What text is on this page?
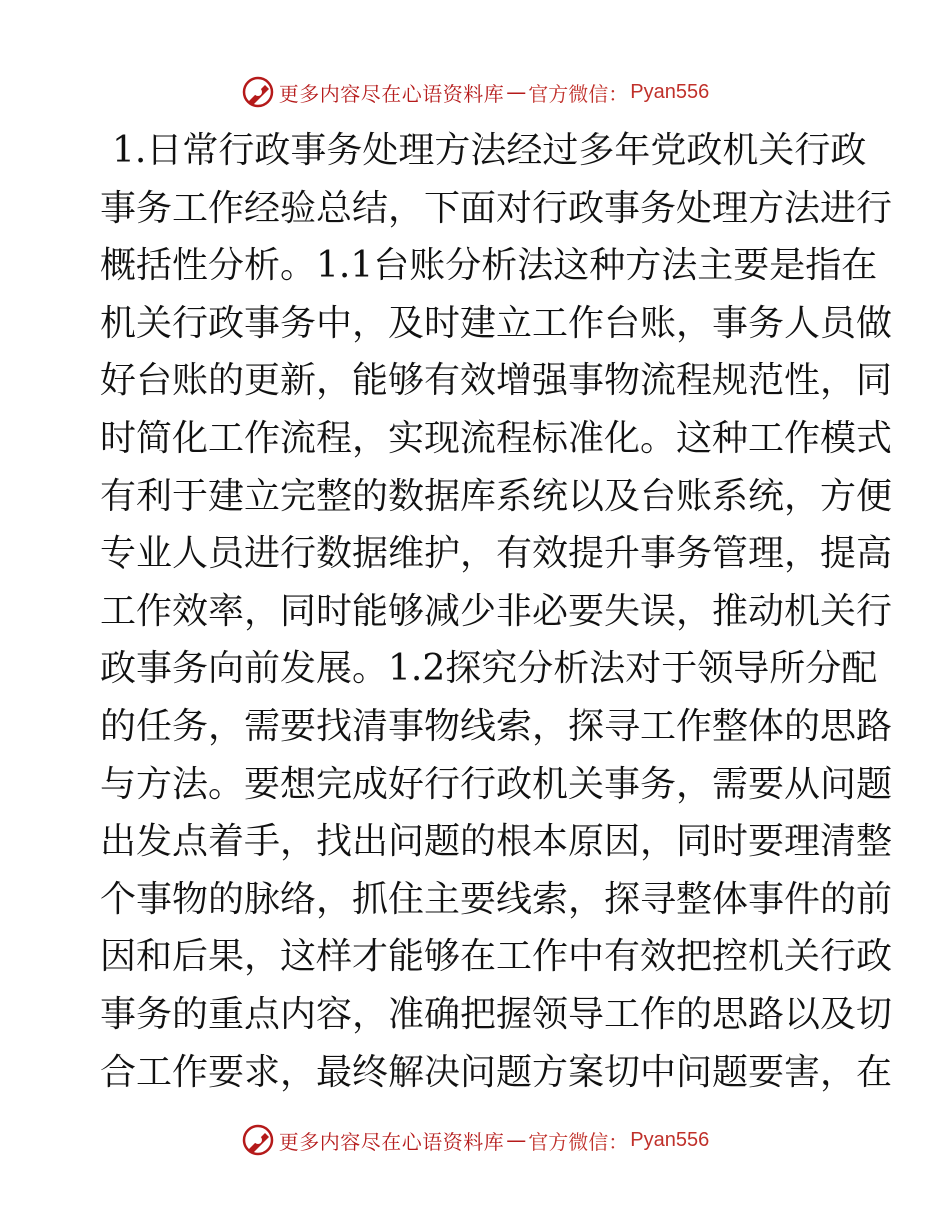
更多内容尽在心语资料库 — 官方微信： Pyan556
1.日常行政事务处理方法经过多年党政机关行政
事务工作经验总结，下面对行政事务处理方法进行
概括性分析。1.1台账分析法这种方法主要是指在
机关行政事务中，及时建立工作台账，事务人员做
好台账的更新，能够有效增强事物流程规范性，同
时简化工作流程，实现流程标准化。这种工作模式
有利于建立完整的数据库系统以及台账系统，方便
专业人员进行数据维护，有效提升事务管理，提高
工作效率，同时能够减少非必要失误，推动机关行
政事务向前发展。1.2探究分析法对于领导所分配
的任务，需要找清事物线索，探寻工作整体的思路
与方法。要想完成好行行政机关事务，需要从问题
出发点着手，找出问题的根本原因，同时要理清整
个事物的脉络，抓住主要线索，探寻整体事件的前
因和后果，这样才能够在工作中有效把控机关行政
事务的重点内容，准确把握领导工作的思路以及切
合工作要求，最终解决问题方案切中问题要害，在
更多内容尽在心语资料库 — 官方微信： Pyan556
